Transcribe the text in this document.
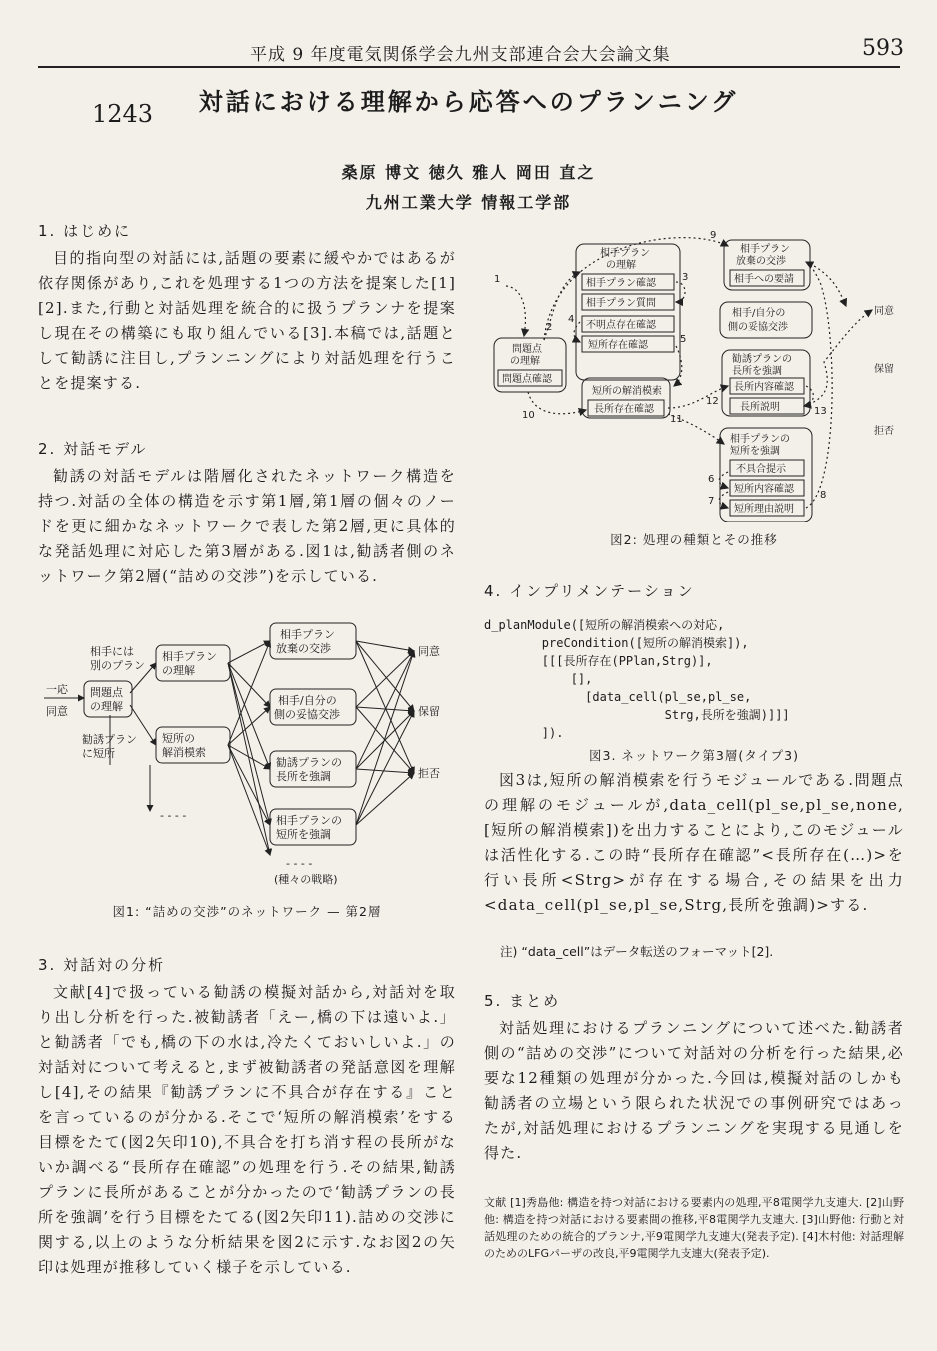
平成 9 年度電気関係学会九州支部連合会大会論文集	593
1243	対話における理解から応答へのプランニング
桑原 博文 徳久 雅人 岡田 直之
九州工業大学 情報工学部
1. はじめに

目的指向型の対話には,話題の要素に緩やかではあるが依存関係があり,これを処理する1つの方法を提案した[1][2].また,行動と対話処理を統合的に扱うプランナを提案し現在その構築にも取り組んでいる[3].本稿では,話題として勧誘に注目し,プランニングにより対話処理を行うことを提案する.

2. 対話モデル

勧誘の対話モデルは階層化されたネットワーク構造を持つ.対話の全体の構造を示す第1層,第1層の個々のノードを更に細かなネットワークで表した第2層,更に具体的な発話処理に対応した第3層がある.図1は,勧誘者側のネットワーク第2層(“詰めの交渉”)を示している.

一応
同意
相手には
別のプラン
勧誘プラン
に短所
問題点
の理解
相手プラン
の理解
短所の
解消模索
相手プラン
放棄の交渉
相手/自分の
側の妥協交渉
勧誘プランの
長所を強調
相手プランの
短所を強調
同意
保留
拒否
- - - -
- - - -
(種々の戦略)
図1: “詰めの交渉”のネットワーク — 第2層
3. 対話対の分析

文献[4]で扱っている勧誘の模擬対話から,対話対を取り出し分析を行った.被勧誘者「えー,橋の下は遠いよ.」と勧誘者「でも,橋の下の水は,冷たくておいしいよ.」の対話対について考えると,まず被勧誘者の発話意図を理解し[4],その結果『勧誘プランに不具合が存在する』ことを言っているのが分かる.そこで‘短所の解消模索’をする目標をたて(図2矢印10),不具合を打ち消す程の長所がないか調べる“長所存在確認”の処理を行う.その結果,勧誘プランに長所があることが分かったので‘勧誘プランの長所を強調’を行う目標をたてる(図2矢印11).詰めの交渉に関する,以上のような分析結果を図2に示す.なお図2の矢印は処理が推移していく様子を示している.

相手プラン
の理解
相手プラン確認
相手プラン質問
不明点存在確認
短所存在確認
問題点
の理解
問題点確認
短所の解消模索
長所存在確認
相手プラン
放棄の交渉
相手への要請
相手/自分の
側の妥協交渉
勧誘プランの
長所を強調
長所内容確認
長所説明
相手プランの
短所を強調
不具合提示
短所内容確認
短所理由説明
同意
保留
拒否
1
2
3
4
5
6
7
8
9
10	11
12
13
図2: 処理の種類とその推移
4. インプリメンテーション
d_planModule([短所の解消模索への対応,
preCondition([短所の解消模索]),
[[[長所存在(PPlan,Strg)],
[],
[data_cell(pl_se,pl_se,
Strg,長所を強調)]]]
]).
図3. ネットワーク第3層(タイプ3)

図3は,短所の解消模索を行うモジュールである.問題点の理解のモジュールが,data_cell(pl_se,pl_se,none,[短所の解消模索])を出力することにより,このモジュールは活性化する.この時“長所存在確認”<長所存在(…)>を行い長所<Strg>が存在する場合,その結果を出力<data_cell(pl_se,pl_se,Strg,長所を強調)>する.

注) “data_cell”はデータ転送のフォーマット[2].
5. まとめ

対話処理におけるプランニングについて述べた.勧誘者側の“詰めの交渉”について対話対の分析を行った結果,必要な12種類の処理が分かった.今回は,模擬対話のしかも勧誘者の立場という限られた状況での事例研究ではあったが,対話処理におけるプランニングを実現する見通しを得た.

文献 [1]秀島他: 構造を持つ対話における要素内の処理,平8電関学九支連大. [2]山野他: 構造を持つ対話における要素間の推移,平8電関学九支連大. [3]山野他: 行動と対話処理のための統合的プランナ,平9電関学九支連大(発表予定). [4]木村他: 対話理解のためのLFGパーザの改良,平9電関学九支連大(発表予定).
